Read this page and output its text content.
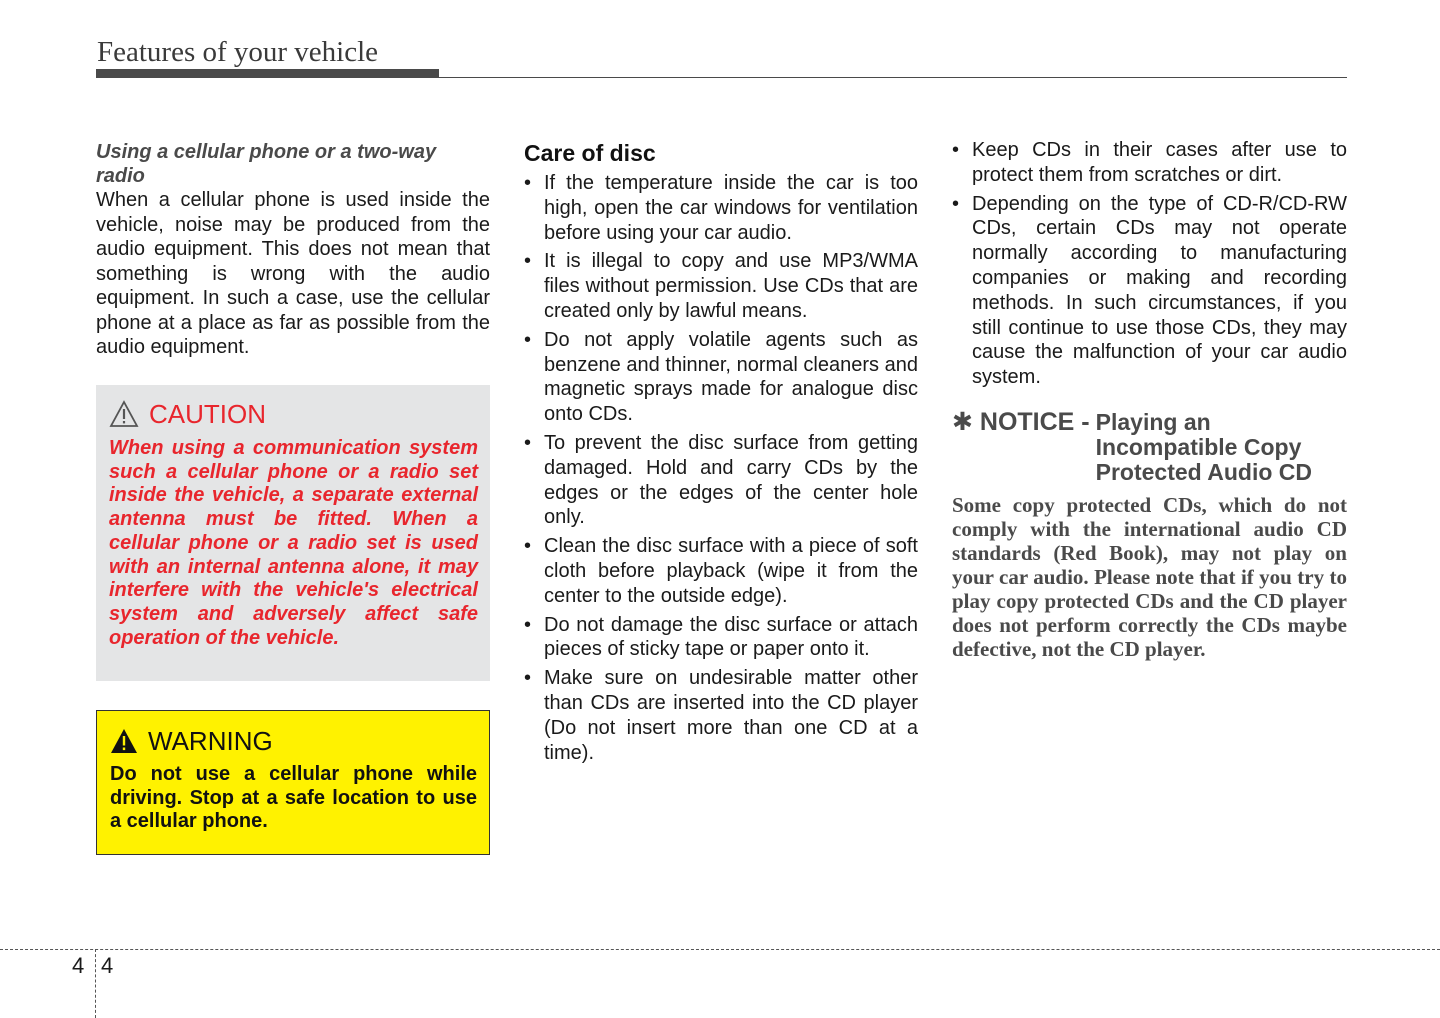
Features of your vehicle
Using a cellular phone or a two-way radio

When a cellular phone is used inside the vehicle, noise may be produced from the audio equipment. This does not mean that something is wrong with the audio equipment. In such a case, use the cellular phone at a place as far as possible from the audio equipment.

CAUTION
When using a communication system such a cellular phone or a radio set inside the vehicle, a separate external antenna must be fitted. When a cellular phone or a radio set is used with an internal antenna alone, it may interfere with the vehicle's electrical system and adversely affect safe operation of the vehicle.
WARNING
Do not use a cellular phone while driving. Stop at a safe location to use a cellular phone.
Care of disc
• If the temperature inside the car is too high, open the car windows for ventilation before using your car audio.
• It is illegal to copy and use MP3/WMA files without permission. Use CDs that are created only by lawful means.
• Do not apply volatile agents such as benzene and thinner, normal cleaners and magnetic sprays made for analogue disc onto CDs.
• To prevent the disc surface from getting damaged. Hold and carry CDs by the edges or the edges of the center hole only.
• Clean the disc surface with a piece of soft cloth before playback (wipe it from the center to the outside edge).
• Do not damage the disc surface or attach pieces of sticky tape or paper onto it.
• Make sure on undesirable matter other than CDs are inserted into the CD player (Do not insert more than one CD at a time).
• Keep CDs in their cases after use to protect them from scratches or dirt.
• Depending on the type of CD-R/CD-RW CDs, certain CDs may not operate normally according to manufacturing companies or making and recording methods. In such circumstances, if you still continue to use those CDs, they may cause the malfunction of your car audio system.
✱ NOTICE - Playing an
Incompatible Copy
Protected Audio CD
Some copy protected CDs, which do not comply with the international audio CD standards (Red Book), may not play on your car audio. Please note that if you try to play copy protected CDs and the CD player does not perform correctly the CDs maybe defective, not the CD player.
4 4
